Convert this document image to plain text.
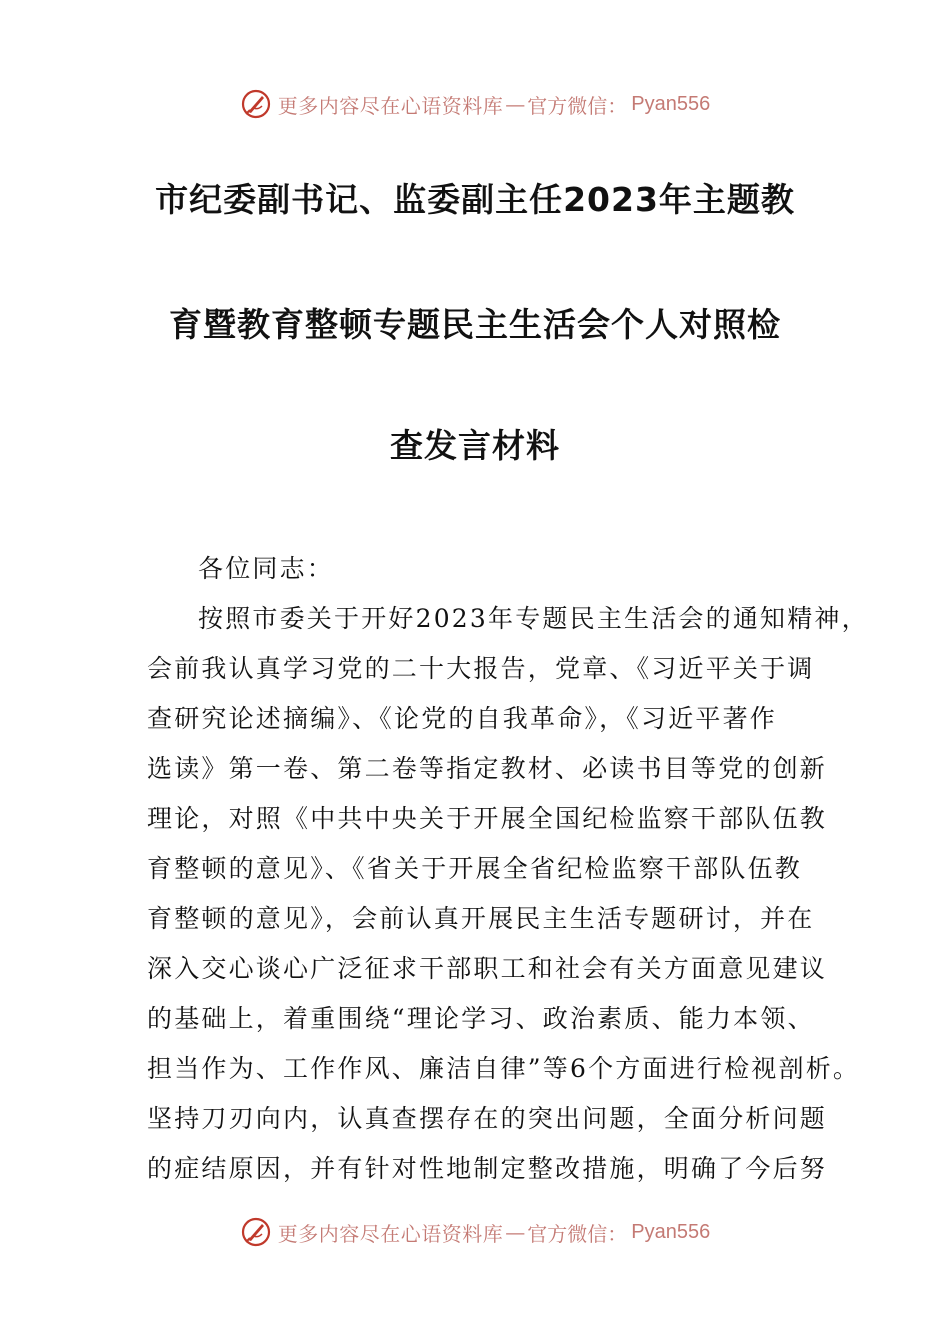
更多内容尽在心语资料库 — 官方微信： Pyan556
市纪委副书记、监委副主任2023年主题教
育暨教育整顿专题民主生活会个人对照检
查发言材料
各位同志：
按照市委关于开好2023年专题民主生活会的通知精神，
会前我认真学习党的二十大报告，党章、《习近平关于调
查研究论述摘编》、《论党的自我革命》，《习近平著作
选读》第一卷、第二卷等指定教材、必读书目等党的创新
理论，对照《中共中央关于开展全国纪检监察干部队伍教
育整顿的意见》、《省关于开展全省纪检监察干部队伍教
育整顿的意见》，会前认真开展民主生活专题研讨，并在
深入交心谈心广泛征求干部职工和社会有关方面意见建议
的基础上，着重围绕“理论学习、政治素质、能力本领、
担当作为、工作作风、廉洁自律”等6个方面进行检视剖析。
坚持刀刃向内，认真查摆存在的突出问题，全面分析问题
的症结原因，并有针对性地制定整改措施，明确了今后努
更多内容尽在心语资料库 — 官方微信： Pyan556
